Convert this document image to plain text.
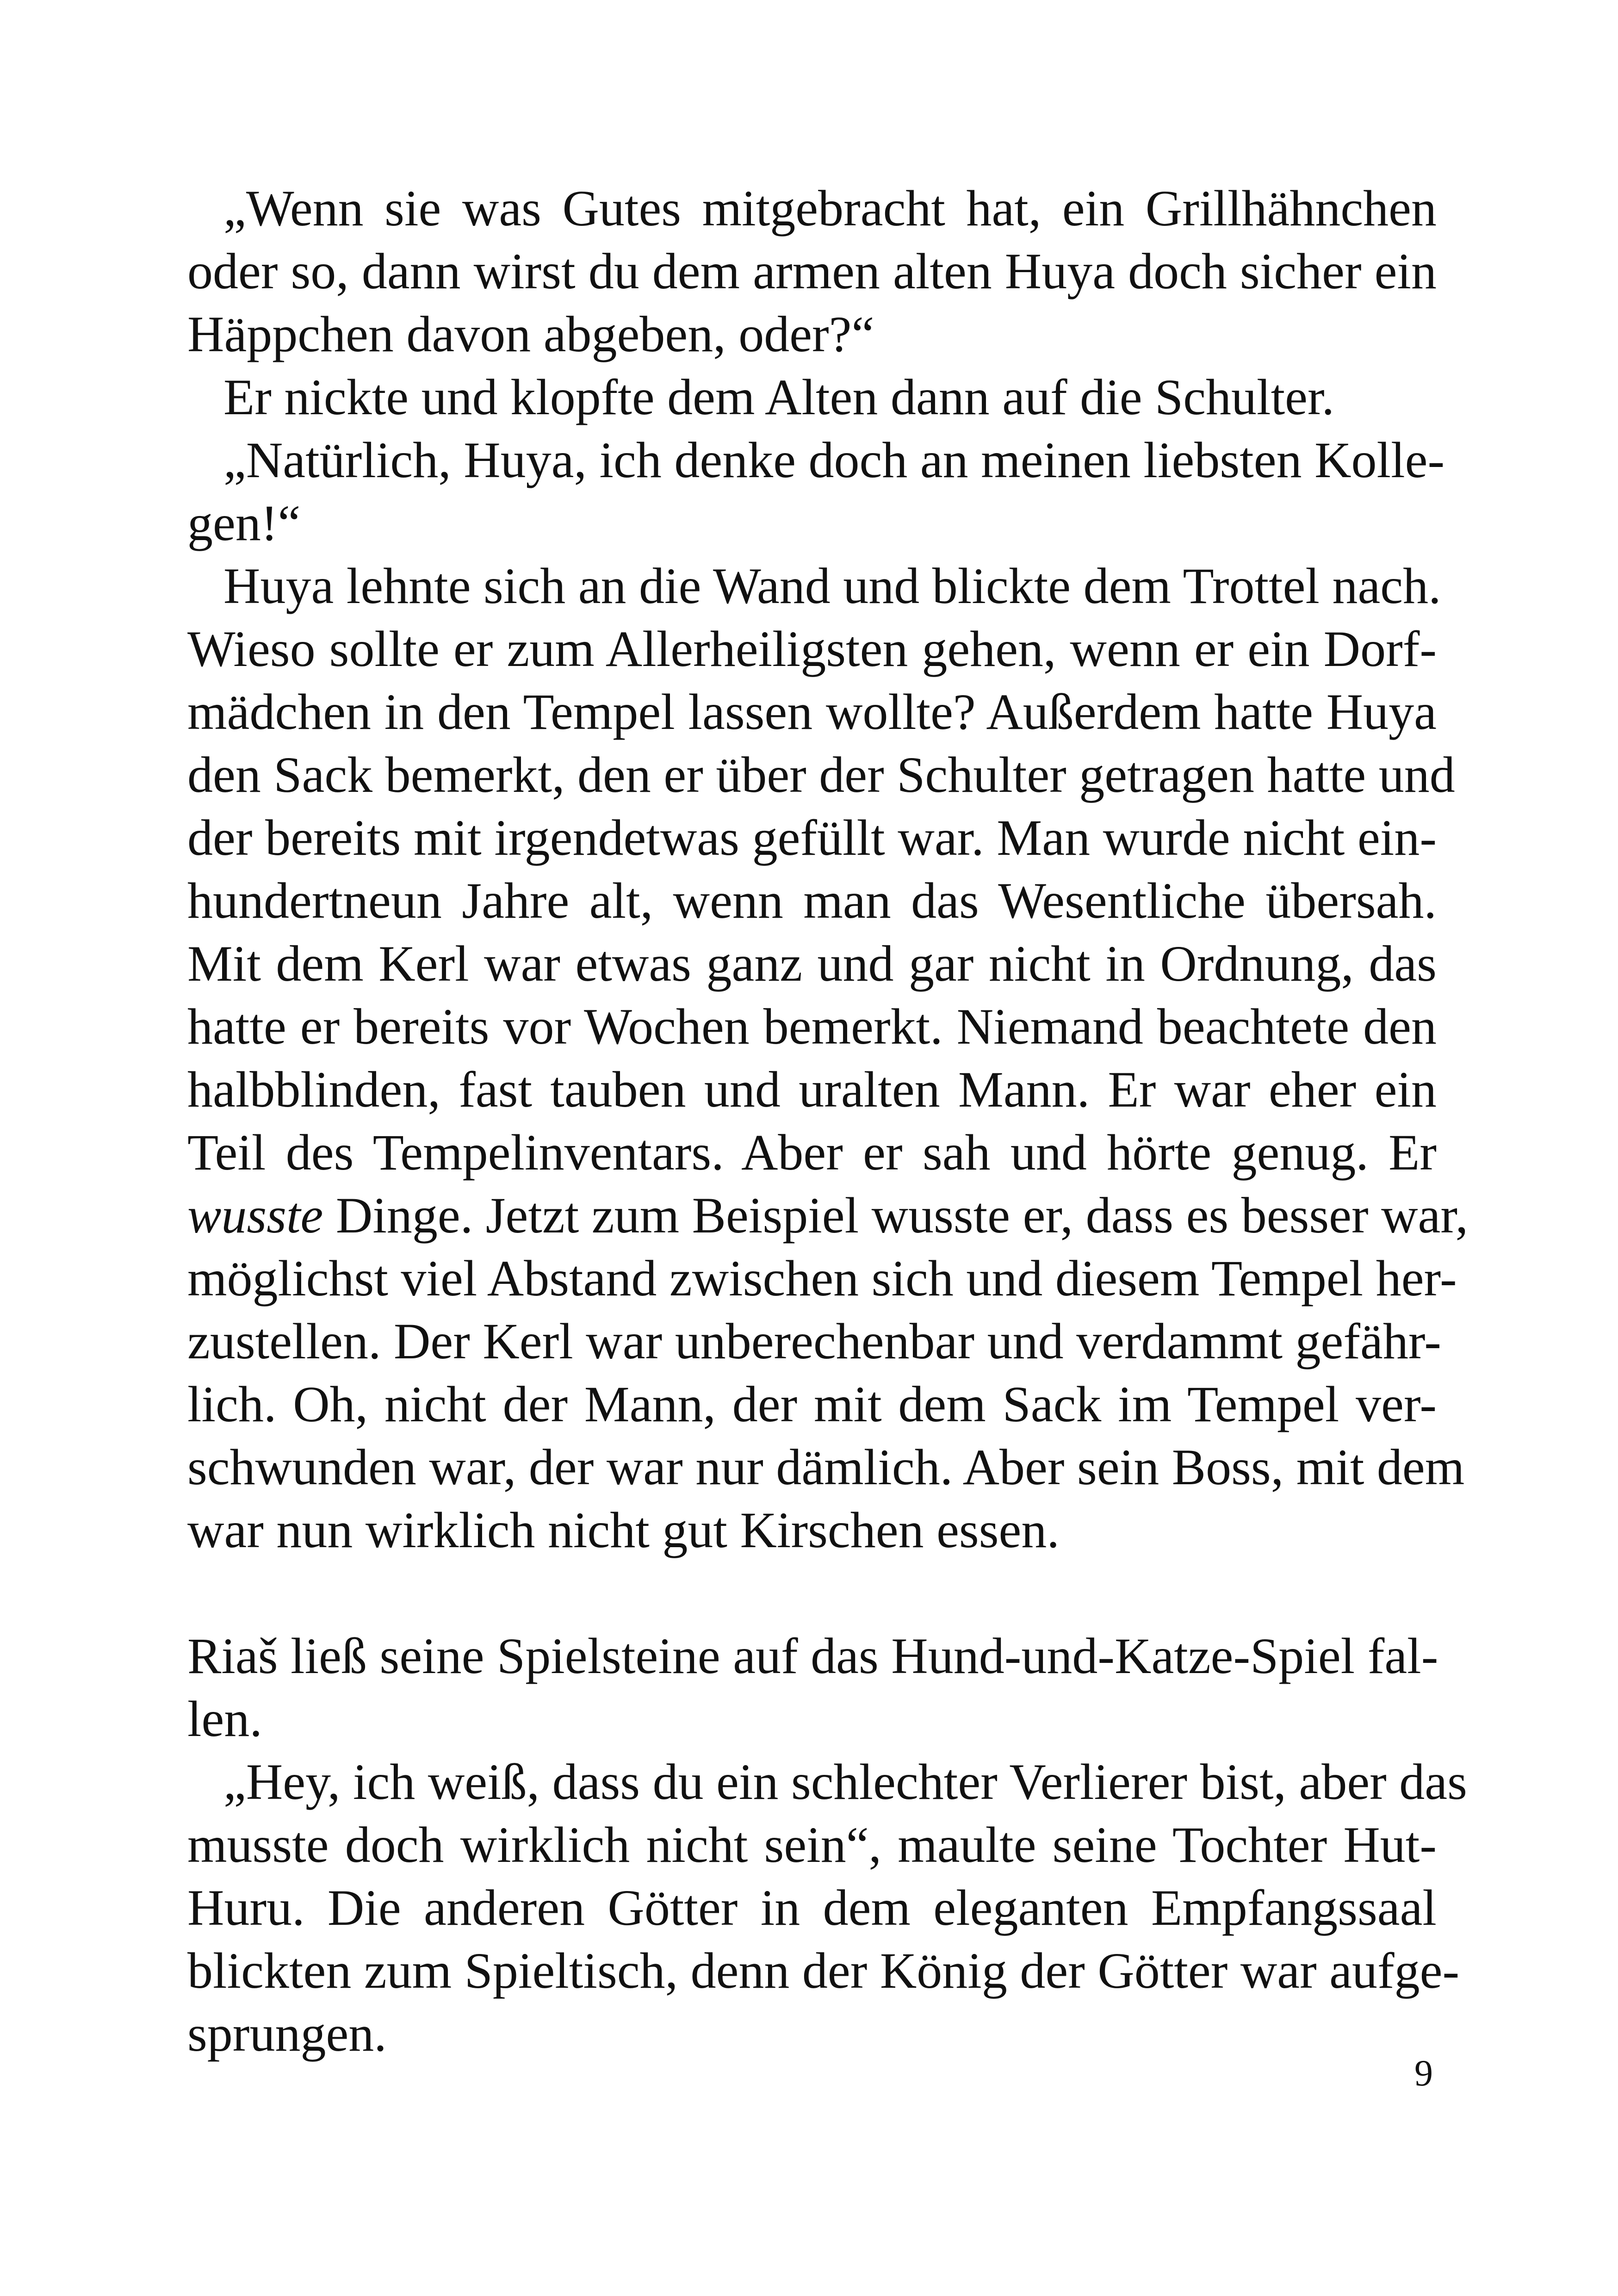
„Wenn sie was Gutes mitgebracht hat, ein Grillhähnchen
oder so, dann wirst du dem armen alten Huya doch sicher ein
Häppchen davon abgeben, oder?“
Er nickte und klopfte dem Alten dann auf die Schulter.
„Natürlich, Huya, ich denke doch an meinen liebsten Kolle-
gen!“
Huya lehnte sich an die Wand und blickte dem Trottel nach.
Wieso sollte er zum Allerheiligsten gehen, wenn er ein Dorf-
mädchen in den Tempel lassen wollte? Außerdem hatte Huya
den Sack bemerkt, den er über der Schulter getragen hatte und
der bereits mit irgendetwas gefüllt war. Man wurde nicht ein-
hundertneun Jahre alt, wenn man das Wesentliche übersah.
Mit dem Kerl war etwas ganz und gar nicht in Ordnung, das
hatte er bereits vor Wochen bemerkt. Niemand beachtete den
halbblinden, fast tauben und uralten Mann. Er war eher ein
Teil des Tempelinventars. Aber er sah und hörte genug. Er
wusste Dinge. Jetzt zum Beispiel wusste er, dass es besser war,
möglichst viel Abstand zwischen sich und diesem Tempel her-
zustellen. Der Kerl war unberechenbar und verdammt gefähr-
lich. Oh, nicht der Mann, der mit dem Sack im Tempel ver-
schwunden war, der war nur dämlich. Aber sein Boss, mit dem
war nun wirklich nicht gut Kirschen essen.
Riaš ließ seine Spielsteine auf das Hund-und-Katze-Spiel fal-
len.
„Hey, ich weiß, dass du ein schlechter Verlierer bist, aber das
musste doch wirklich nicht sein“, maulte seine Tochter Hut-
Huru. Die anderen Götter in dem eleganten Empfangssaal
blickten zum Spieltisch, denn der König der Götter war aufge-
sprungen.
9
